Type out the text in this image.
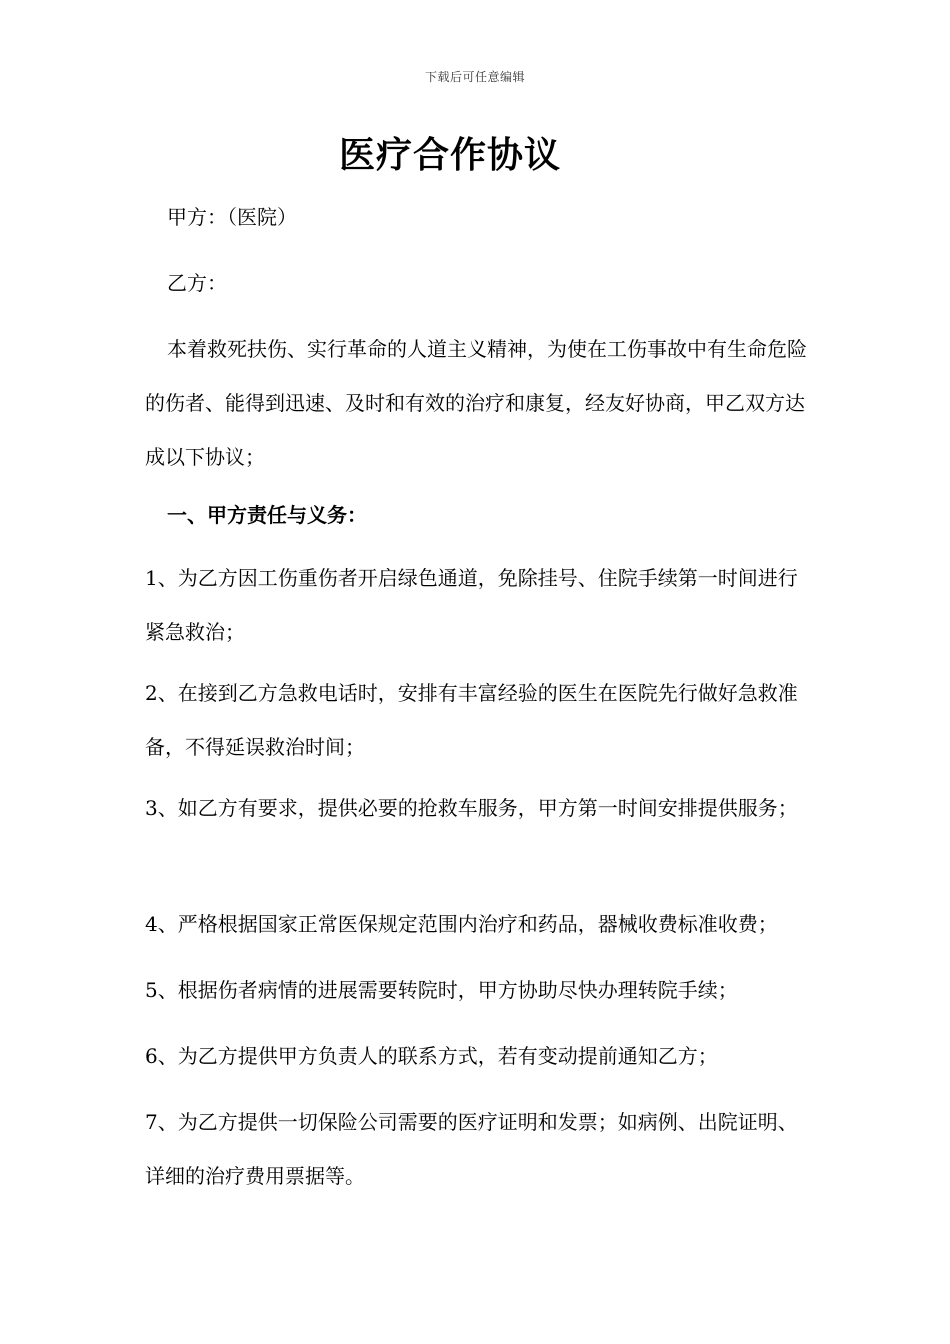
下载后可任意编辑
医疗合作协议

甲方：（医院）

乙方：

本着救死扶伤、实行革命的人道主义精神，为使在工伤事故中有生命危险的伤者、能得到迅速、及时和有效的治疗和康复，经友好协商，甲乙双方达成以下协议；

一、甲方责任与义务：

1、为乙方因工伤重伤者开启绿色通道，免除挂号、住院手续第一时间进行紧急救治；

2、在接到乙方急救电话时，安排有丰富经验的医生在医院先行做好急救准备，不得延误救治时间；

3、如乙方有要求，提供必要的抢救车服务，甲方第一时间安排提供服务；

4、严格根据国家正常医保规定范围内治疗和药品，器械收费标准收费；

5、根据伤者病情的进展需要转院时，甲方协助尽快办理转院手续；

6、为乙方提供甲方负责人的联系方式，若有变动提前通知乙方；

7、为乙方提供一切保险公司需要的医疗证明和发票；如病例、出院证明、详细的治疗费用票据等。
